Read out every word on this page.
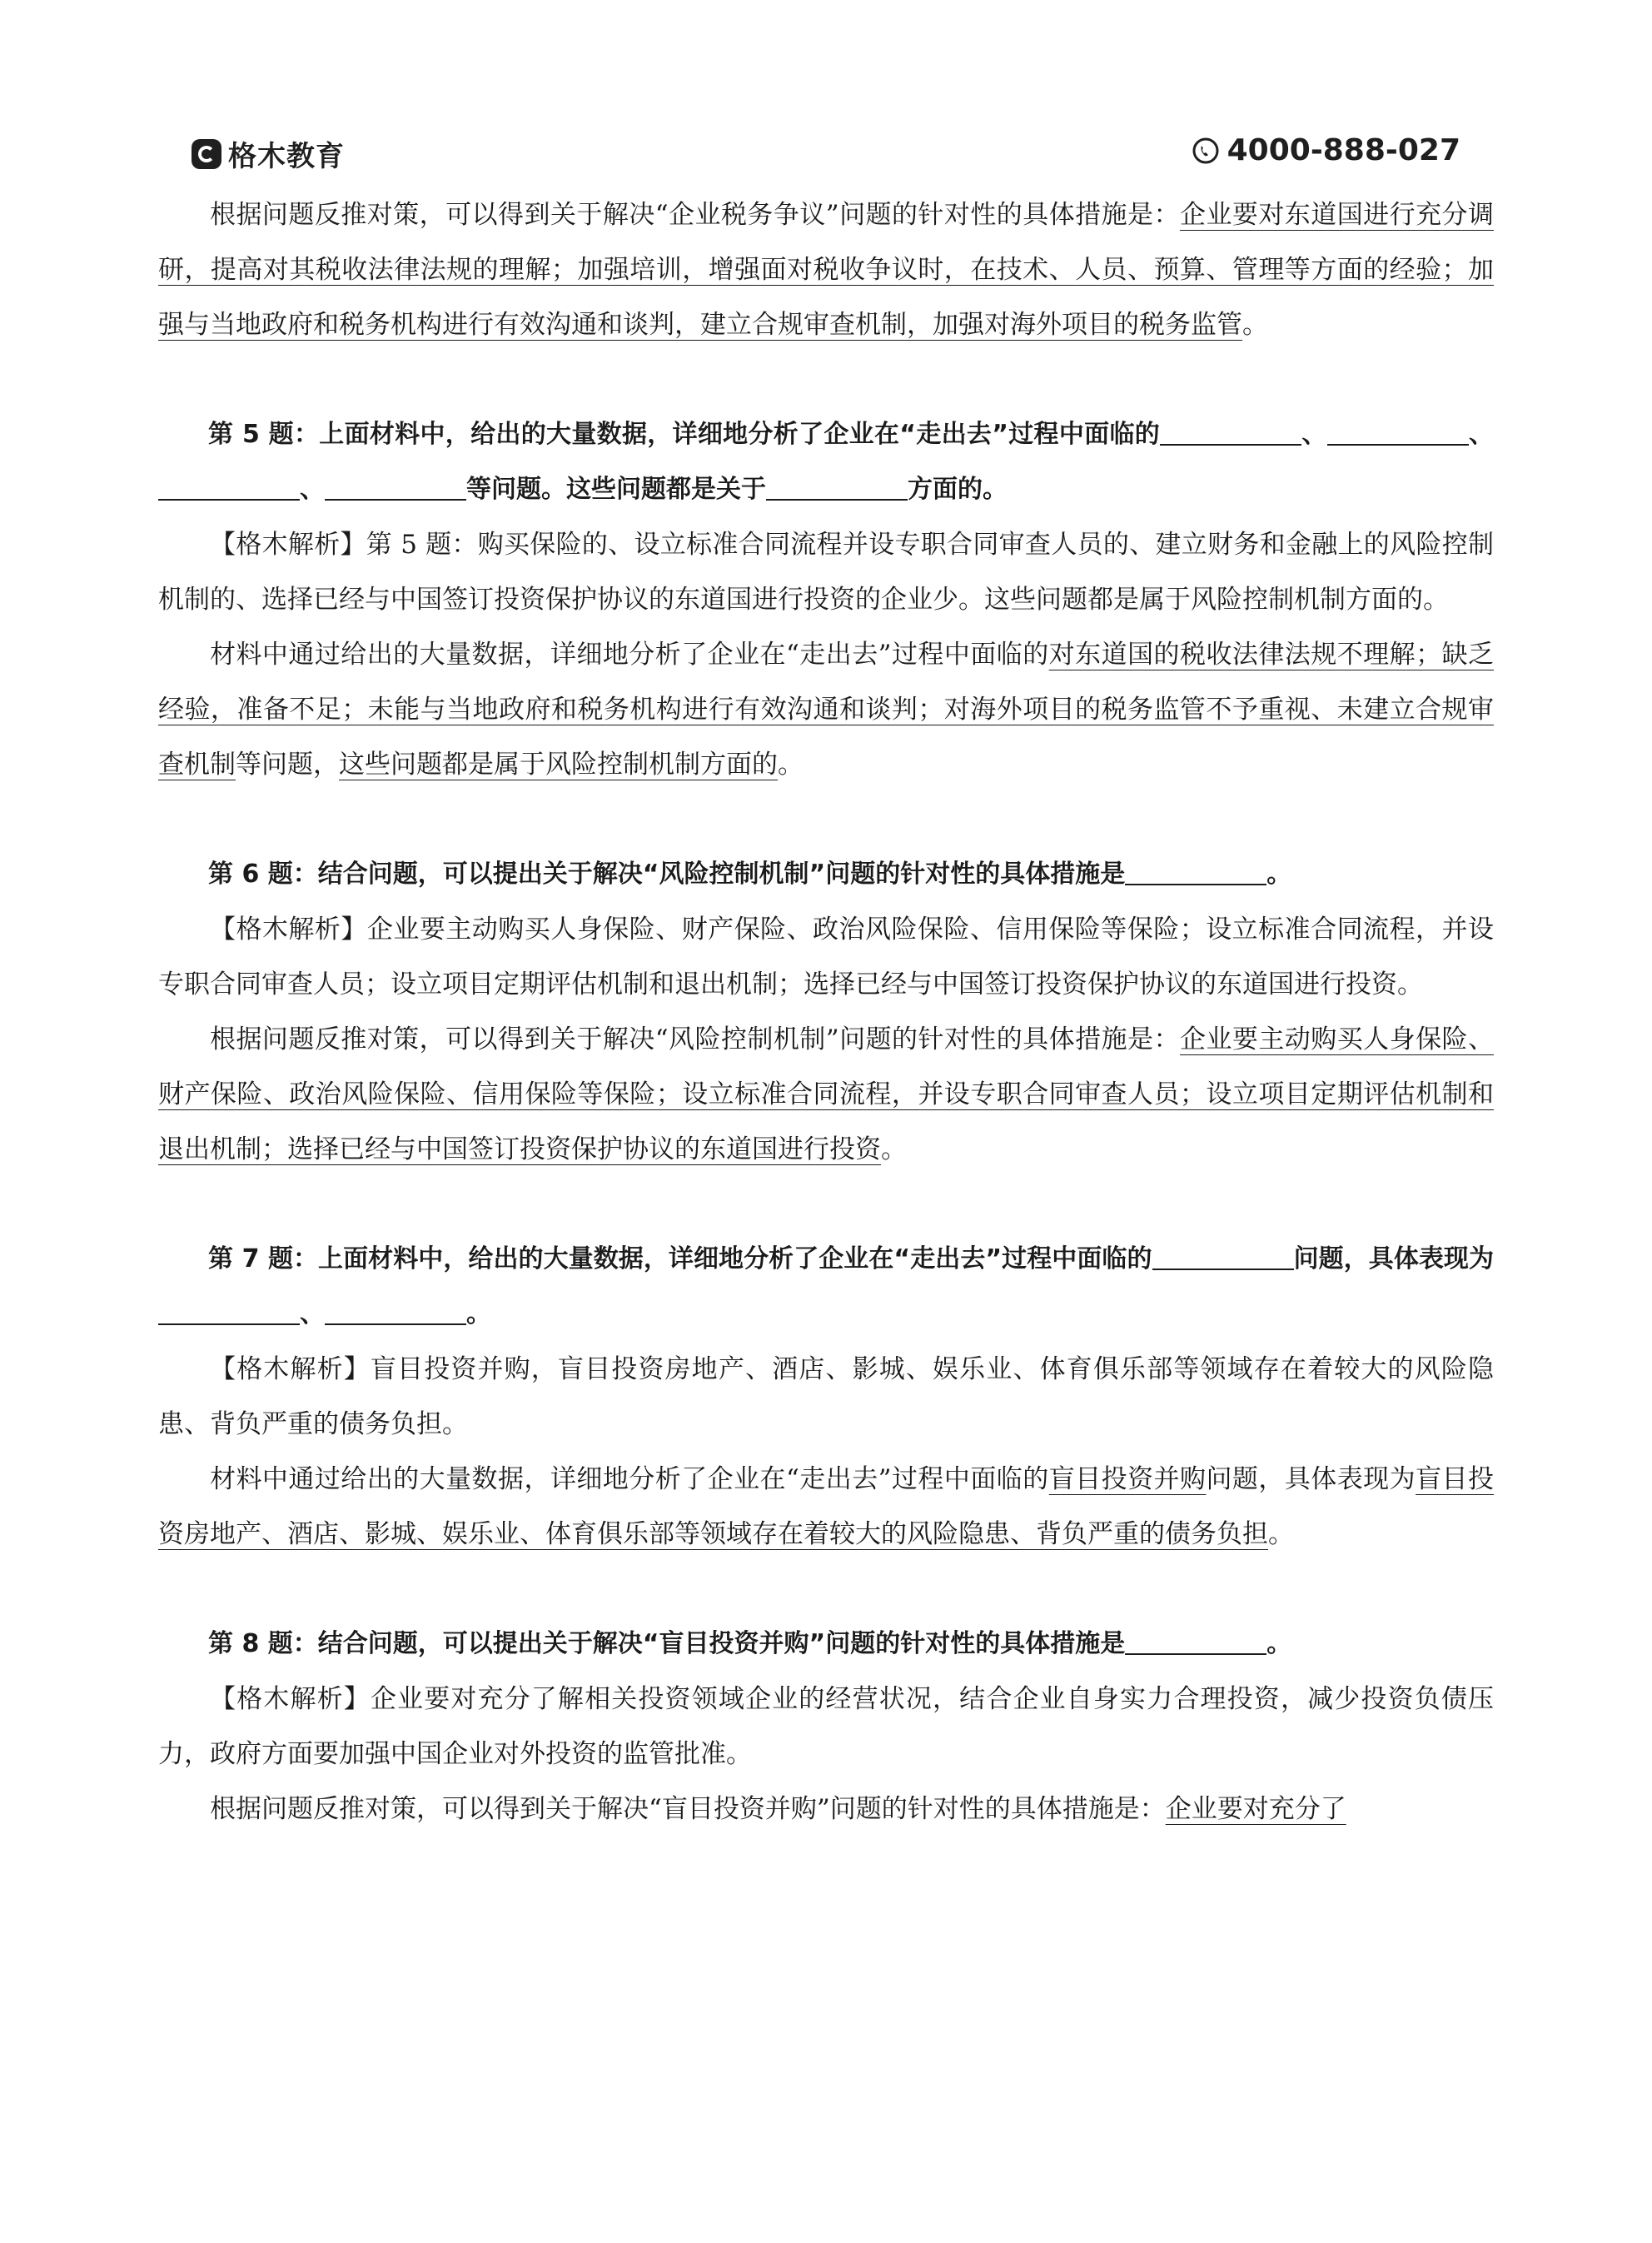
格木教育	4000-888-027

根据问题反推对策，可以得到关于解决“企业税务争议”问题的针对性的具体措施是：企业要对东道国进行充分调研，提高对其税收法律法规的理解；加强培训，增强面对税收争议时，在技术、人员、预算、管理等方面的经验；加强与当地政府和税务机构进行有效沟通和谈判，建立合规审查机制，加强对海外项目的税务监管。

第 5 题：上面材料中，给出的大量数据，详细地分析了企业在“走出去”过程中面临的	、	、、	等问题。这些问题都是关于	方面的。

【格木解析】第 5 题：购买保险的、设立标准合同流程并设专职合同审查人员的、建立财务和金融上的风险控制机制的、选择已经与中国签订投资保护协议的东道国进行投资的企业少。这些问题都是属于风险控制机制方面的。

材料中通过给出的大量数据，详细地分析了企业在“走出去”过程中面临的对东道国的税收法律法规不理解；缺乏经验，准备不足；未能与当地政府和税务机构进行有效沟通和谈判；对海外项目的税务监管不予重视、未建立合规审查机制等问题，这些问题都是属于风险控制机制方面的。

第 6 题：结合问题，可以提出关于解决“风险控制机制”问题的针对性的具体措施是	。

【格木解析】企业要主动购买人身保险、财产保险、政治风险保险、信用保险等保险；设立标准合同流程，并设专职合同审查人员；设立项目定期评估机制和退出机制；选择已经与中国签订投资保护协议的东道国进行投资。

根据问题反推对策，可以得到关于解决“风险控制机制”问题的针对性的具体措施是：企业要主动购买人身保险、财产保险、政治风险保险、信用保险等保险；设立标准合同流程，并设专职合同审查人员；设立项目定期评估机制和退出机制；选择已经与中国签订投资保护协议的东道国进行投资。

第 7 题：上面材料中，给出的大量数据，详细地分析了企业在“走出去”过程中面临的	问题，具体表现为、	。

【格木解析】盲目投资并购，盲目投资房地产、酒店、影城、娱乐业、体育俱乐部等领域存在着较大的风险隐患、背负严重的债务负担。

材料中通过给出的大量数据，详细地分析了企业在“走出去”过程中面临的盲目投资并购问题，具体表现为盲目投资房地产、酒店、影城、娱乐业、体育俱乐部等领域存在着较大的风险隐患、背负严重的债务负担。

第 8 题：结合问题，可以提出关于解决“盲目投资并购”问题的针对性的具体措施是	。

【格木解析】企业要对充分了解相关投资领域企业的经营状况，结合企业自身实力合理投资，减少投资负债压力，政府方面要加强中国企业对外投资的监管批准。

根据问题反推对策，可以得到关于解决“盲目投资并购”问题的针对性的具体措施是：企业要对充分了
